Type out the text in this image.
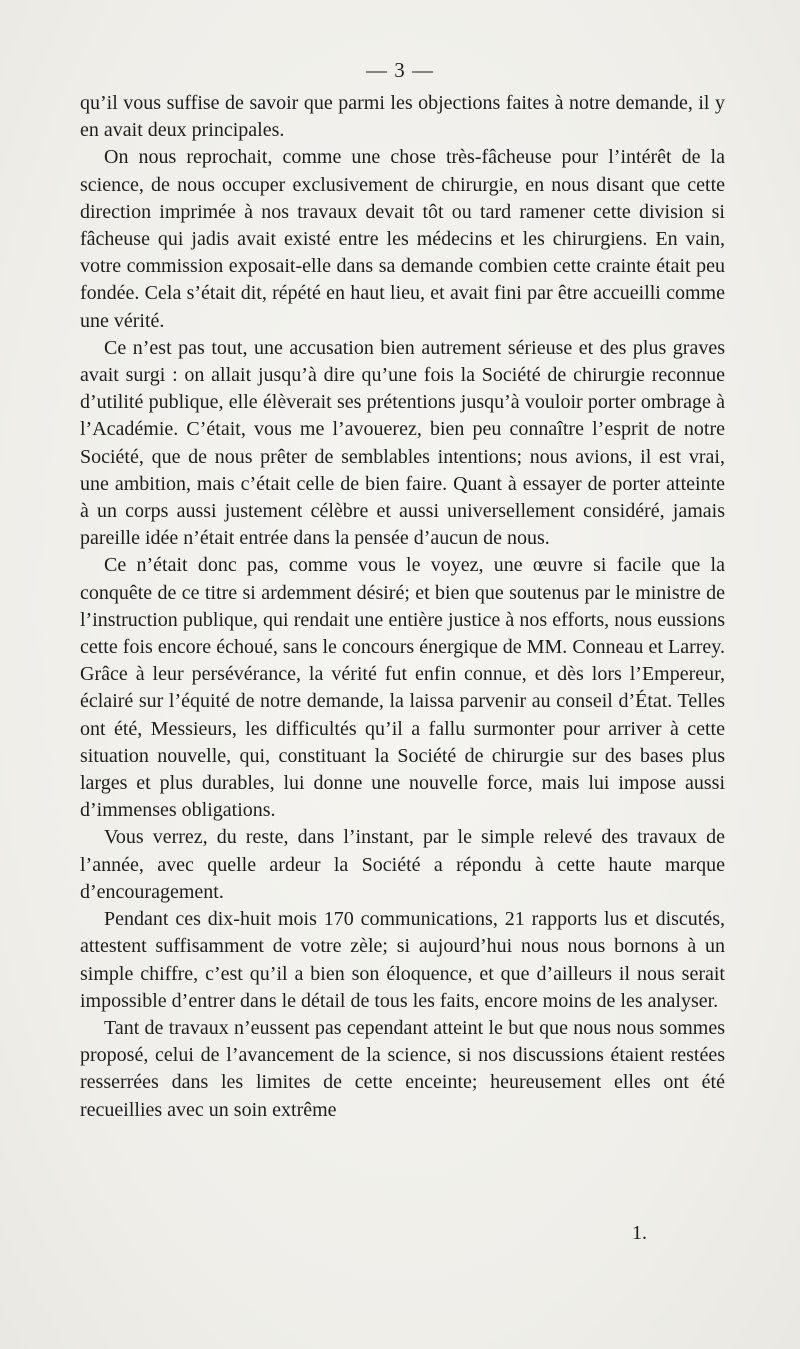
— 3 —

qu’il vous suffise de savoir que parmi les objections faites à notre demande, il y en avait deux principales.

On nous reprochait, comme une chose très-fâcheuse pour l’intérêt de la science, de nous occuper exclusivement de chirurgie, en nous disant que cette direction imprimée à nos travaux devait tôt ou tard ramener cette division si fâcheuse qui jadis avait existé entre les médecins et les chirurgiens. En vain, votre commission exposait-elle dans sa demande combien cette crainte était peu fondée. Cela s’était dit, répété en haut lieu, et avait fini par être accueilli comme une vérité.

Ce n’est pas tout, une accusation bien autrement sérieuse et des plus graves avait surgi : on allait jusqu’à dire qu’une fois la Société de chirurgie reconnue d’utilité publique, elle élèverait ses prétentions jusqu’à vouloir porter ombrage à l’Académie. C’était, vous me l’avouerez, bien peu connaître l’esprit de notre Société, que de nous prêter de semblables intentions; nous avions, il est vrai, une ambition, mais c’était celle de bien faire. Quant à essayer de porter atteinte à un corps aussi justement célèbre et aussi universellement considéré, jamais pareille idée n’était entrée dans la pensée d’aucun de nous.

Ce n’était donc pas, comme vous le voyez, une œuvre si facile que la conquête de ce titre si ardemment désiré; et bien que soutenus par le ministre de l’instruction publique, qui rendait une entière justice à nos efforts, nous eussions cette fois encore échoué, sans le concours énergique de MM. Conneau et Larrey. Grâce à leur persévérance, la vérité fut enfin connue, et dès lors l’Empereur, éclairé sur l’équité de notre demande, la laissa parvenir au conseil d’État. Telles ont été, Messieurs, les difficultés qu’il a fallu surmonter pour arriver à cette situation nouvelle, qui, constituant la Société de chirurgie sur des bases plus larges et plus durables, lui donne une nouvelle force, mais lui impose aussi d’immenses obligations.

Vous verrez, du reste, dans l’instant, par le simple relevé des travaux de l’année, avec quelle ardeur la Société a répondu à cette haute marque d’encouragement.

Pendant ces dix-huit mois 170 communications, 21 rapports lus et discutés, attestent suffisamment de votre zèle; si aujourd’hui nous nous bornons à un simple chiffre, c’est qu’il a bien son éloquence, et que d’ailleurs il nous serait impossible d’entrer dans le détail de tous les faits, encore moins de les analyser.

Tant de travaux n’eussent pas cependant atteint le but que nous nous sommes proposé, celui de l’avancement de la science, si nos discussions étaient restées resserrées dans les limites de cette enceinte; heureusement elles ont été recueillies avec un soin extrême

1.
